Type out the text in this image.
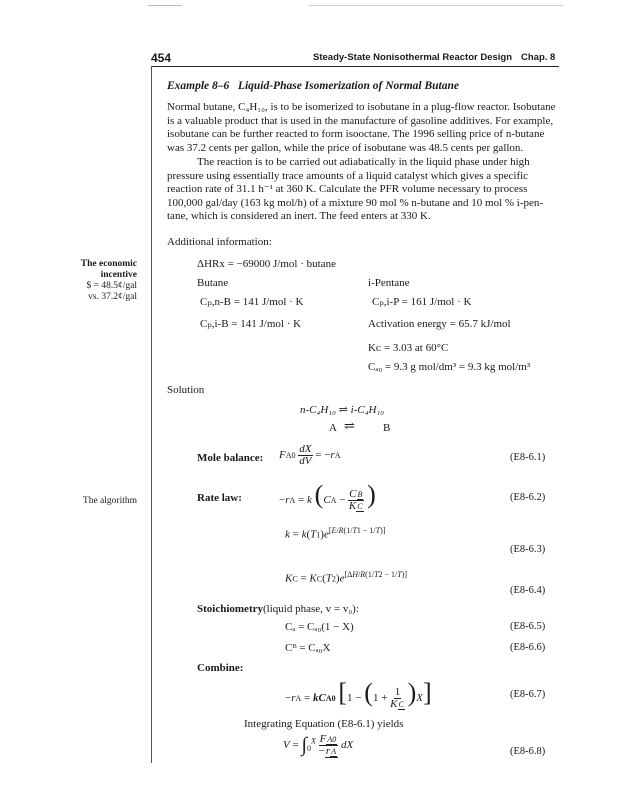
454	Steady-State Nonisothermal Reactor Design Chap. 8
Example 8–6 Liquid-Phase Isomerization of Normal Butane
Normal butane, C₄H₁₀, is to be isomerized to isobutane in a plug-flow reactor. Isobutane
is a valuable product that is used in the manufacture of gasoline additives. For example,
isobutane can be further reacted to form isooctane. The 1996 selling price of n-butane
was 37.2 cents per gallon, while the price of isobutane was 48.5 cents per gallon.
The reaction is to be carried out adiabatically in the liquid phase under high
pressure using essentially trace amounts of a liquid catalyst which gives a specific
reaction rate of 31.1 h⁻¹ at 360 K. Calculate the PFR volume necessary to process
100,000 gal/day (163 kg mol/h) of a mixture 90 mol % n-butane and 10 mol % i-pen-
tane, which is considered an inert. The feed enters at 330 K.
Additional information:
The economic
incentive
$ = 48.5¢/gal
vs. 37.2¢/gal
ΔHRx = −69000 J/mol · butane
Butane	i-Pentane
Cₚ,n-B = 141 J/mol · K	Cₚ,i-P = 161 J/mol · K
Cₚ,i-B = 141 J/mol · K	Activation energy = 65.7 kJ/mol
Kᴄ = 3.03 at 60°C
Cₐ₀ = 9.3 g mol/dm³ = 9.3 kg mol/m³
Solution
n-C₄H₁₀ ⇌ i-C₄H₁₀
A ⇌	B
Mole balance: $FA0 \frac{dX}{dV} = -rA$	(E8-6.1)
The algorithm	Rate law:	−rA = k ($CA - \frac{CB}{KC}$ )	(E8-6.2)
k = k(T1)e[E/R(1/T1 − 1/T)]
(E8-6.3)
KC = KC(T2)e[ΔH/R(1/T2 − 1/T)]
(E8-6.4)
Stoichiometry(liquid phase, v = v₀):
Cₐ = Cₐ₀(1 − X)	(E8-6.5)
Cᴮ = Cₐ₀X	(E8-6.6)
Combine:
−rA = kCA0 $[1 - (1 + \frac{1}{KC} )X]$	(E8-6.7)
Integrating Equation (E8-6.1) yields
$V = \int_0^X \frac{FA0}{-rA}$ dX
(E8-6.8)
